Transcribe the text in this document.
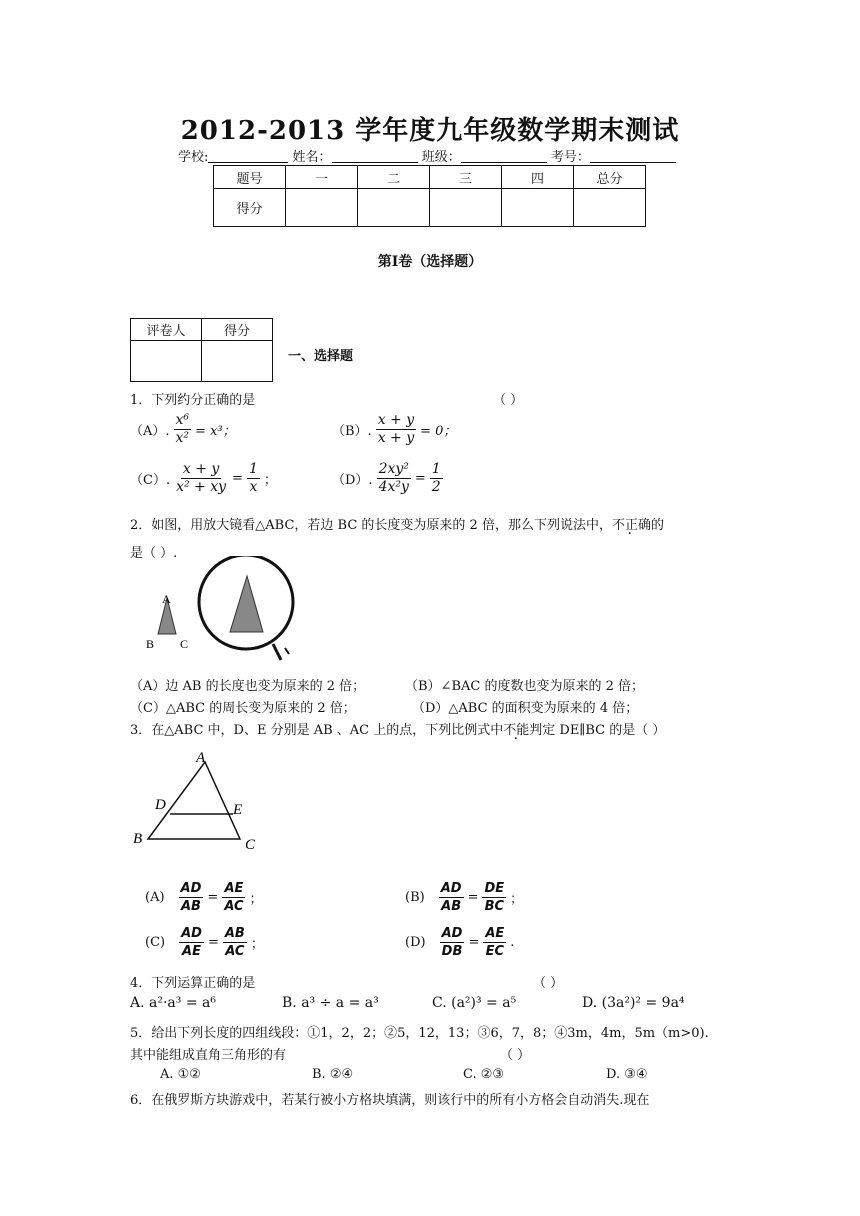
2012-2013 学年度九年级数学期末测试
学校:	姓名：	班级：	考号：
题号	一	二	三	四	总分
得分					
第Ⅰ卷（选择题）
评卷人	得分

一、选择题
1．下列约分正确的是	（ ）
（A）. $\frac{\text{x⁶}}{\text{x²}} = x^3$；	（B）. $\frac{x + y}{x + y} = 0$；
（C）. $\frac{x + y}{\text{x² + xy}} = \frac{1}{x}$ ；	（D）. $\frac{\text{2xy²}}{\text{4x²y}} = \frac{1}{2}$
2．如图，用放大镜看△ABC，若边 BC 的长度变为原来的 2 倍，那么下列说法中，不正确的
是（ ）.
A
B C
（A）边 AB 的长度也变为原来的 2 倍；	（B）∠BAC 的度数也变为原来的 2 倍；
（C）△ABC 的周长变为原来的 2 倍；	（D）△ABC 的面积变为原来的 4 倍；
3．在△ABC 中，D、E 分别是 AB 、AC 上的点，下列比例式中不能判定 DE∥BC 的是（ ）
A
D	E
B	C
$(A) \frac{AD}{AB} = \frac{AE}{AC}$ ；	$(B) \frac{AD}{AB} = \frac{DE}{BC}$ ；
$(C) \frac{AD}{AE} = \frac{AB}{AC}$ ；	$(D) \frac{AD}{DB} = \frac{AE}{EC}$ .
4．下列运算正确的是	（ ）
A. a²·a³ = a⁶	B. a³ ÷ a = a³	C. (a²)³ = a⁵	D. (3a²)² = 9a⁴
5．给出下列长度的四组线段：①1，2，2；②5，12，13；③6，7，8；④3m，4m，5m（m>0).
其中能组成直角三角形的有	（ ）
A. ①②	B. ②④	C. ②③	D. ③④
6．在俄罗斯方块游戏中，若某行被小方格块填满，则该行中的所有小方格会自动消失.现在
